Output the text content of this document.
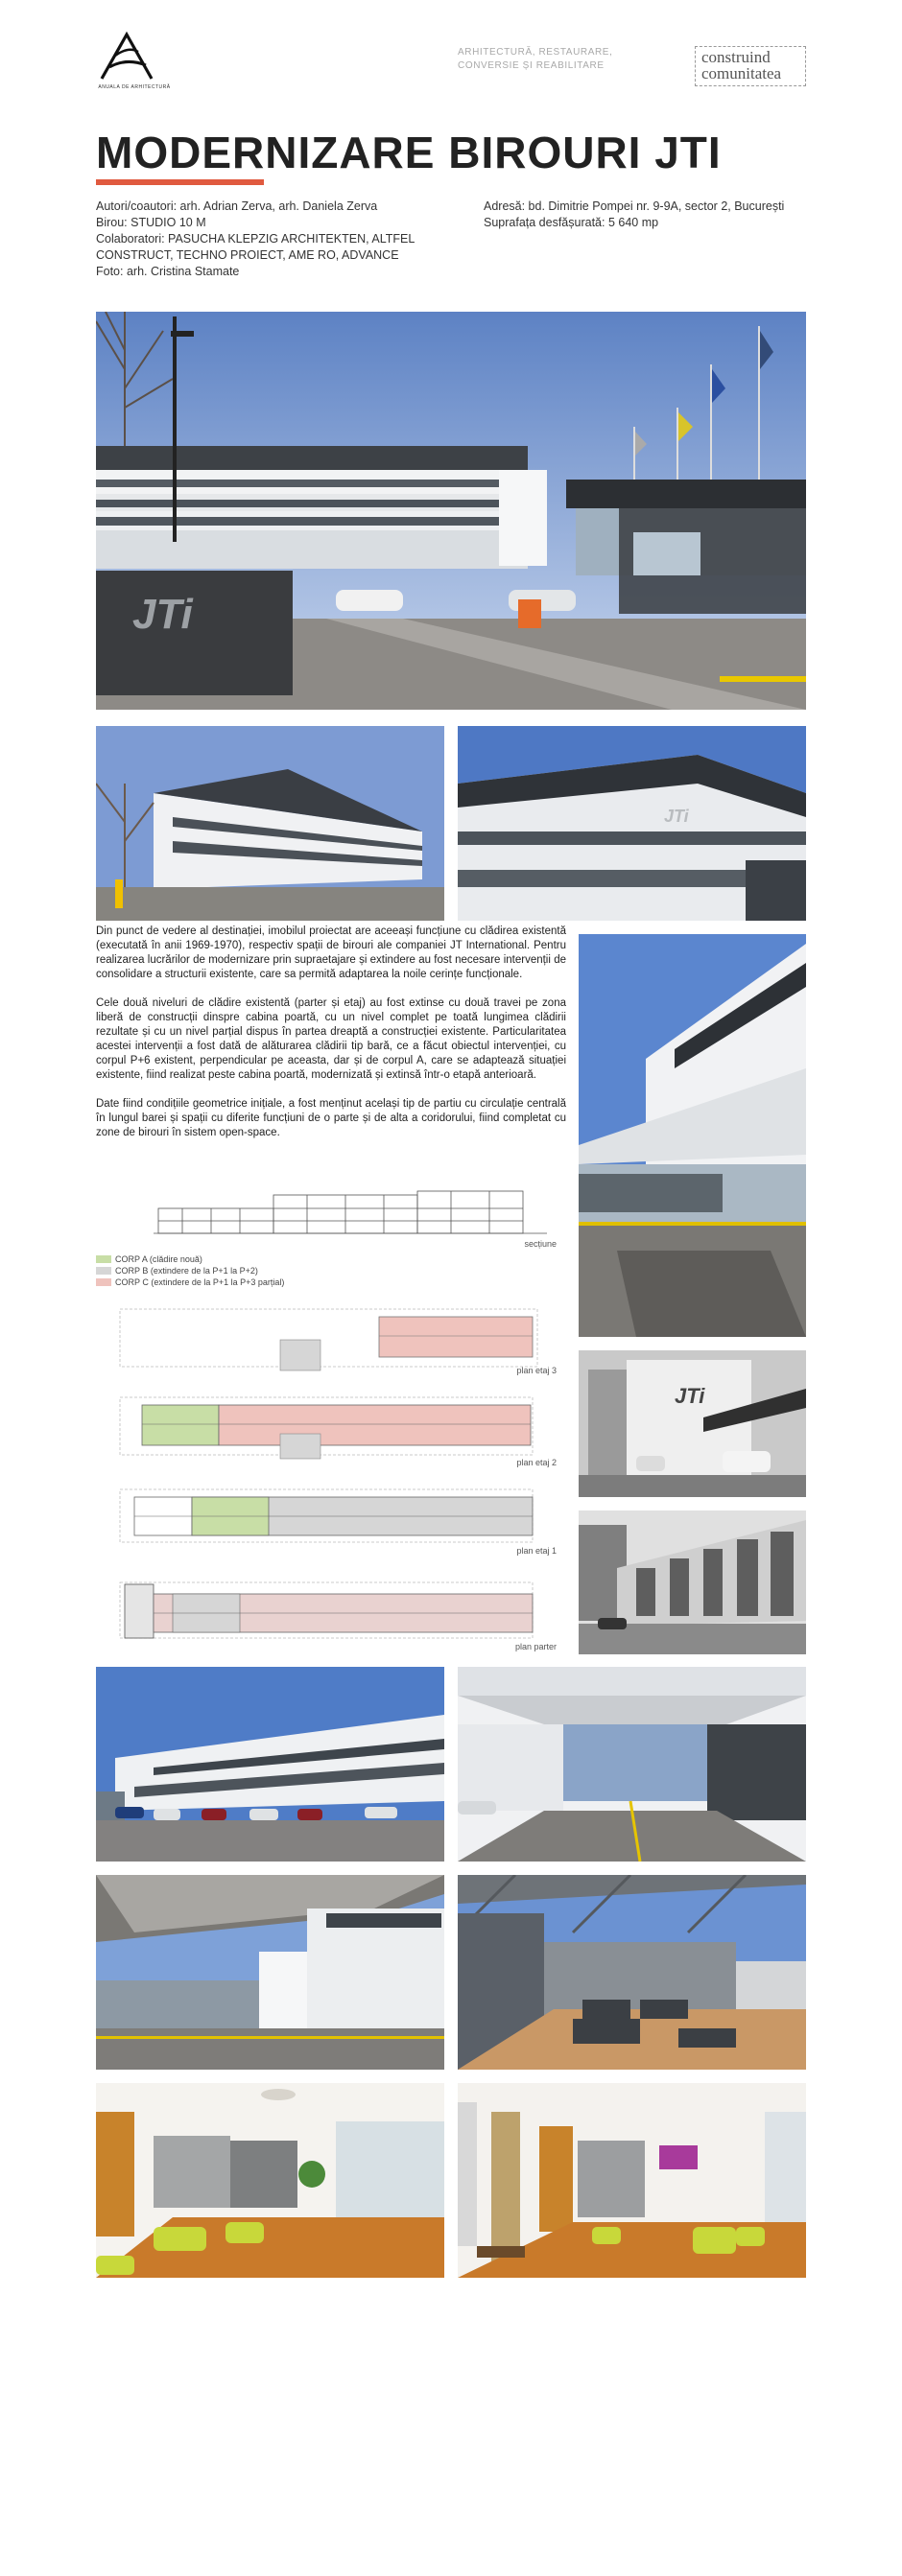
ANUALA DE ARHITECTURĂ
ARHITECTURĂ, RESTAURARE,
CONVERSIE ȘI REABILITARE	construind
comunitatea
MODERNIZARE BIROURI JTI
Autori/coautori: arh. Adrian Zerva, arh. Daniela Zerva
Birou: STUDIO 10 M
Colaboratori: PASUCHA KLEPZIG ARCHITEKTEN, ALTFEL CONSTRUCT, TECHNO PROIECT, AME RO, ADVANCE
Foto: arh. Cristina Stamate
Adresă: bd. Dimitrie Pompei nr. 9-9A, sector 2, București
Suprafața desfășurată: 5 640 mp
JTi
JTi

Din punct de vedere al destinației, imobilul proiectat are aceeași funcțiune cu clădirea existentă (executată în anii 1969-1970), respectiv spații de birouri ale companiei JT International. Pentru realizarea lucrărilor de modernizare prin supraetajare și extindere au fost necesare intervenții de consolidare a structurii existente, care sa permită adaptarea la noile cerințe funcționale.

Cele două niveluri de clădire existentă (parter și etaj) au fost extinse cu două travei pe zona liberă de construcții dinspre cabina poartă, cu un nivel complet pe toată lungimea clădirii rezultate și cu un nivel parțial dispus în partea dreaptă a construcției existente. Particularitatea acestei intervenții a fost dată de alăturarea clădirii tip bară, ce a făcut obiectul intervenției, cu corpul P+6 existent, perpendicular pe aceasta, dar și de corpul A, care se adaptează situației existente, fiind realizat peste cabina poartă, modernizată și extinsă într-o etapă anterioară.

Date fiind condițiile geometrice inițiale, a fost menținut același tip de partiu cu circulație centrală în lungul barei și spații cu diferite funcțiuni de o parte și de alta a coridorului, fiind completat cu zone de birouri în sistem open-space.

JTi
secțiune
CORP A (clădire nouă)
CORP B (extindere de la P+1 la P+2)
CORP C (extindere de la P+1 la P+3 parțial)
plan etaj 3
plan etaj 2
plan etaj 1
plan parter
